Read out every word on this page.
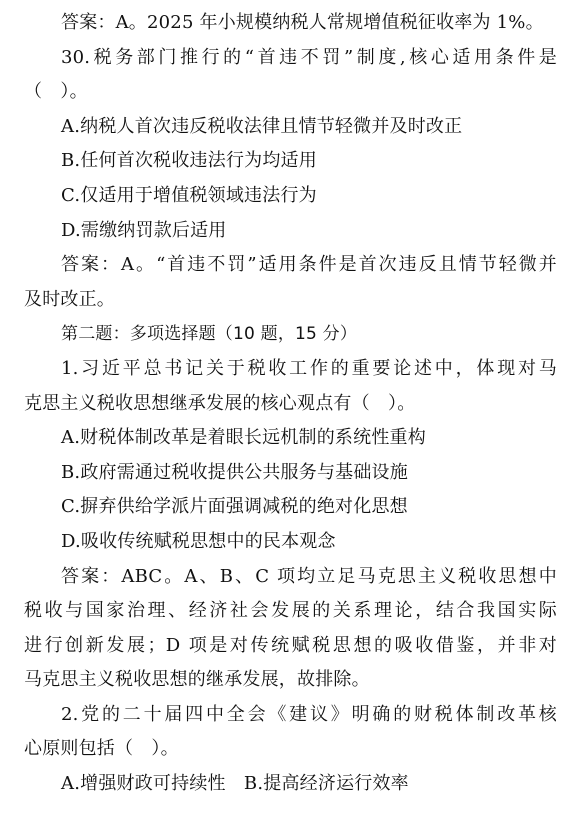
答案：A。2025 年小规模纳税人常规增值税征收率为 1%。
30.税务部门推行的“首违不罚”制度,核心适用条件是
（　）。
A.纳税人首次违反税收法律且情节轻微并及时改正
B.任何首次税收违法行为均适用
C.仅适用于增值税领域违法行为
D.需缴纳罚款后适用
答案：A。“首违不罚”适用条件是首次违反且情节轻微并
及时改正。
第二题：多项选择题（10 题，15 分）
1.习近平总书记关于税收工作的重要论述中，体现对马
克思主义税收思想继承发展的核心观点有（　）。
A.财税体制改革是着眼长远机制的系统性重构
B.政府需通过税收提供公共服务与基础设施
C.摒弃供给学派片面强调减税的绝对化思想
D.吸收传统赋税思想中的民本观念
答案：ABC。A、B、C 项均立足马克思主义税收思想中
税收与国家治理、经济社会发展的关系理论，结合我国实际
进行创新发展；D 项是对传统赋税思想的吸收借鉴，并非对
马克思主义税收思想的继承发展，故排除。
2.党的二十届四中全会《建议》明确的财税体制改革核
心原则包括（　）。
A.增强财政可持续性　B.提高经济运行效率
